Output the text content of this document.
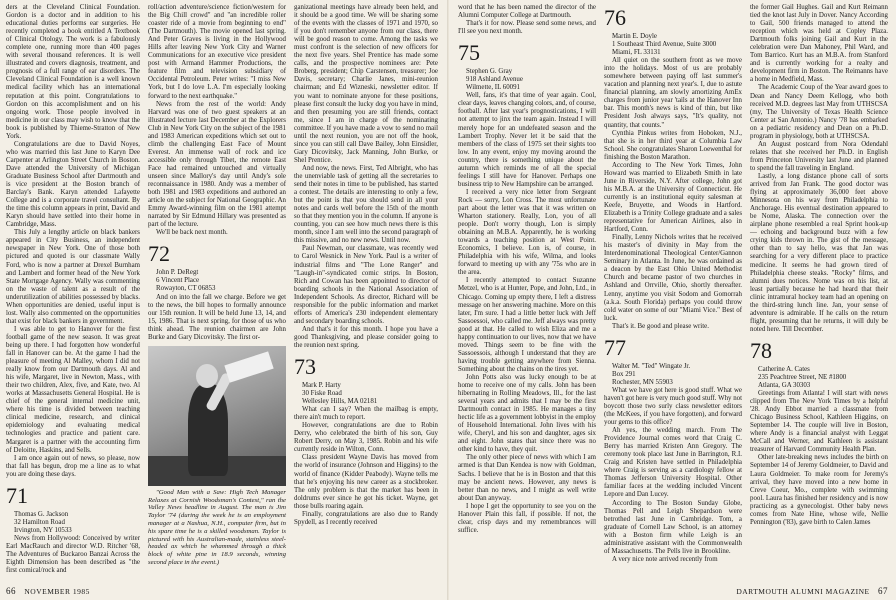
ders at the Cleveland Clinical Foundation. Gordon is a doctor and in addition to his educational duties performs ear surgeries. He recently completed a book entitled A Textbook of Clinical Otology. The work is a fabulously complete one, running more than 400 pages with several thousand references. It is well illustrated and covers diagnosis, treatment, and prognosis of a full range of ear disorders. The Cleveland Clinical Foundation is a well known medical facility which has an international reputation at this point. Congratulations to Gordon on this accomplishment and on his ongoing work. Those people involved in medicine in our class may wish to know that the book is published by Thieme-Stratton of New York.

Congratulations are due to David Noyes, who was married this last June to Karyn Dee Carpenter at Arlington Street Church in Boston. Dave attended the University of Michigan Graduate Business School after Dartmouth and is vice president at the Boston branch of Barclay's Bank. Karyn attended Lafayette College and is a corporate travel consultant. By the time this column appears in print, David and Karyn should have settled into their home in Cambridge, Mass.

This July a lengthy article on black bankers appeared in City Business, an independent newspaper in New York. One of those both pictured and quoted is our classmate Wally Ford, who is now a partner at Drexel Burnham and Lambert and former head of the New York State Mortgage Agency. Wally was commenting on the waste of talent as a result of the underutilization of abilities possessed by blacks. When opportunities are denied, useful input is lost. Wally also commented on the opportunities that exist for black bankers in government.

I was able to get to Hanover for the first football game of the new season. It was great being up there. I had forgotten how wonderful fall in Hanover can be. At the game I had the pleasure of meeting Al Malley, whom I did not really know from our Dartmouth days. Al and his wife, Margaret, live in Newton, Mass., with their two children, Alex, five, and Kate, two. Al works at Massachusetts General Hospital. He is chief of the general internal medicine unit, where his time is divided between teaching clinical medicine, research, and clinical epidemiology and evaluating medical technologies and practice and patient care. Margaret is a partner with the accounting firm of Deloitte, Haskins, and Sells.

I am once again out of news, so please, now that fall has begun, drop me a line as to what you are doing these days.

71

Thomas G. Jackson
32 Hamilton Road
Irvington, NY 10533

News from Hollywood: Conceived by writer Earl MacRauch and director W.D. Ritcher '68, The Adventures of Buckaroo Banzai Across the Eighth Dimension has been described as "the first comical/rock and

roll/action adventure/science fiction/western for the Big Chill crowd" and "an incredible roller coaster ride of a movie from beginning to end" (The Dartmouth). The movie opened last spring. And Peter Graves is living in the Hollywood Hills after leaving New York City and Warner Communications for an executive vice president post with Armand Hammer Productions, the feature film and television subsidiary of Occidental Petroleum. Peter writes: "I miss New York, but I do love L.A. I'm especially looking forward to the next earthquake."

News from the rest of the world: Andy Harvard was one of two guest speakers at an illustrated lecture last December at the Explorers Club in New York City on the subject of the 1981 and 1983 American expeditions which set out to climb the challenging East Face of Mount Everest. An immense wall of rock and ice accessible only through Tibet, the remote East Face had remained untouched and virtually unseen since Mallory's day until Andy's sole reconnaissance in 1980. Andy was a member of both 1981 and 1983 expeditions and authored an article on the subject for National Geographic. An Emmy Award-winning film on the 1981 attempt narrated by Sir Edmund Hillary was presented as part of the lecture.

We'll be back next month.

72

John P. DeRegt
6 Vincent Place
Rowayton, CT 06853

And on into the fall we charge. Before we get to the news, the bill hopes to formally announce our 15th reunion. It will be held June 13, 14, and 15, 1986. That is next spring, for those of us who think ahead. The reunion chairmen are John Burke and Gary Dicovitsky. The first or-

"Good Man with a Saw: High Tech Manager Relaxes at Cornish Woodsman's Contest," ran the Valley News headline in August. The man is Jim Taylor '74 (during the week he is an employment manager at a Nashua, N.H., computer firm, but in his spare time he is a skilled woodsman. Taylor is pictured with his Australian-made, stainless steel-headed ax which he whammed through a thick block of white pine in 18.9 seconds, winning second place in the event.)

ganizational meetings have already been held, and it should be a good time. We will be sharing some of the events with the classes of 1971 and 1970, so if you don't remember anyone from our class, there will be good reason to come. Among the tasks we must confront is the selection of new officers for the next five years. Shel Prentice has made some calls, and the prospective nominees are: Pete Broberg, president; Chip Carstensen, treasurer; Joe Davis, secretary; Charlie Janes, mini-reunion chairman; and Ed Wizneski, newsletter editor. If you want to nominate anyone for these positions, please first consult the lucky dog you have in mind, and then presuming you are still friends, contact me, since I am in charge of the nominating committee. If you have made a vow to send no mail until the next reunion, you are not off the hook, since you can still call Dave Bailey, John Einsidler, Gary Dicovitsky, Jack Manning, John Burke, or Shel Prentice.

And now, the news. First, Ted Albright, who has the unenviable task of getting all the secretaries to send their notes in time to be published, has started a contest. The details are interesting to only a few, but the point is that you should send in all your notes and cards well before the 15th of the month so that they mention you in the column. If anyone is counting, you can see how much news there is this month, since I am well into the second paragraph of this missive, and no new news. Until now.

Paul Newman, our classmate, was recently wed to Carol Wesnick in New York. Paul is a writer of industrial films and "The Lone Ranger" and "Laugh-in"-syndicated comic strips. In Boston, Rich and Cowan has been appointed to director of boarding schools in the National Association of Independent Schools. As director, Richard will be responsible for the public information and market efforts of America's 230 independent elementary and secondary boarding schools.

And that's it for this month. I hope you have a good Thanksgiving, and please consider going to the reunion next spring.

73

Mark P. Harty
30 Fiske Road
Wellesley Hills, MA 02181

What can I say? When the mailbag is empty, there ain't much to report.

However, congratulations are due to Robin Derry, who celebrated the birth of his son, Guy Robert Derry, on May 3, 1985. Robin and his wife currently reside in Wilton, Conn.

Class president Wayne Davis has moved from the world of insurance (Johnson and Higgins) to the world of finance (Kidder Peabody). Wayne tells me that he's enjoying his new career as a stockbroker. The only problem is that the market has been in doldrums ever since he got his ticket. Wayne, get those bulls roaring again.

Finally, congratulations are also due to Randy Spydell, as I recently received

word that he has been named the director of the Alumni Computer College at Dartmouth.

That's it for now. Please send some news, and I'll see you next month.

75

Stephen G. Gray
918 Ashland Avenue
Wilmette, IL 60091

Well, fans, it's that time of year again. Cool, clear days, leaves changing colors, and, of course, football. After last year's prognostications, I will not attempt to jinx the team again. Instead I will merely hope for an undefeated season and the Lambert Trophy. Never let it be said that the members of the class of 1975 set their sights too low. In any event, enjoy my moving around the country, there is something unique about the autumn which reminds me of all the special feelings I still have for Hanover. Perhaps one business trip to New Hampshire can be arranged.

I received a very nice letter from Sergeant Rock — sorry, Lon Cross. The most unfortunate part about the letter was that it was written on Wharton stationery. Really, Lon, you of all people. Don't worry though, Lon is simply obtaining an M.B.A. Apparently, he is working towards a teaching position at West Point. Economics, I believe. Lon is, of course, in Philadelphia with his wife, Wilma, and looks forward to meeting up with any '75s who are in the area.

I recently attempted to contact Suzanne Metzel, who is at Hunter, Pope, and John, Ltd., in Chicago. Coming up empty there, I left a distress message on her answering machine. More on this later, I'm sure. I had a little better luck with Jeff Sassoessoi, who called me. Jeff always was pretty good at that. He called to wish Eliza and me a happy continuation to our lives, now that we have moved. Things seem to be fine with the Sassoessois, although I understand that they are having trouble getting anywhere from Sienna. Something about the chains on the tires yet.

John Potts also was lucky enough to be at home to receive one of my calls. John has been hibernating in Rolling Meadows, Ill., for the last several years and admits that I may be the first Dartmouth contact in 1985. He manages a tiny hectic life as a government lobbyist in the employ of Household International. John lives with his wife, Cheryl, and his son and daughter, ages six and eight. John states that since there was no other kind to have, they quit.

The only other piece of news with which I am armed is that Dan Kendea is now with Goldman, Sachs. I believe that he is in Boston and that this may be ancient news. However, any news is better than no news, and I might as well write about Dan anyway.

I hope I get the opportunity to see you on the Hanover Plain this fall, if possible. If not, the clear, crisp days and my remembrances will suffice.

76

Martin E. Doyle
1 Southeast Third Avenue, Suite 3000
Miami, FL 33131

All quiet on the southern front as we move into the holidays. Most of us are probably somewhere between paying off last summer's vacation and planning next year's. I, due to astute financial planning, am slowly amortizing AmEx charges from junior year 'tails at the Hanover Inn bar. This month's news is kind of thin, but like President Josh always says, "It's quality, not quantity, that counts."

Cynthia Pinkus writes from Hoboken, N.J., that she is in her third year at Columbia Law School. She congratulates Sharon Loewenthal for finishing the Boston Marathon.

According to The New York Times, John Howard was married to Elizabeth Smith in late June in Riverside, N.Y. After college, John got his M.B.A. at the University of Connecticut. He currently is an institutional equity salesman at Keefe, Bruyette, and Woods in Hartford. Elizabeth is a Trinity College graduate and a sales representative for American Airlines, also in Hartford, Conn.

Finally, Lenny Nichols writes that he received his master's of divinity in May from the Interdenominational Theological Center/Gannon Seminary in Atlanta. In June, he was ordained as a deacon by the East Ohio United Methodist Church and became pastor of two churches in Ashland and Orrville, Ohio, shortly thereafter. Lenny, anytime you visit Sodom and Gomorrah (a.k.a. South Florida) perhaps you could throw cold water on some of our "Miami Vice." Best of luck.

That's it. Be good and please write.

77

Walter M. "Ted" Wingate Jr.
Box 291
Rochester, MN 55903

What we have got here is good stuff. What we haven't got here is very much good stuff. Why not boycott those two surly class newsletter editors (the McKees, if you have forgotten), and forward your gems to this office?

Ah yes, the wedding march. From The Providence Journal comes word that Craig C. Berry has married Kristen Ann Gregory. The ceremony took place last June in Barrington, R.I. Craig and Kristen have settled in Philadelphia where Craig is serving as a cardiology fellow at Thomas Jefferson University Hospital. Other familiar faces at the wedding included Vincent Lepore and Dan Lucey.

According to The Boston Sunday Globe, Thomas Pell and Leigh Shepardson were betrothed last June in Cambridge. Tom, a graduate of Cornell Law School, is an attorney with a Boston firm while Leigh is an administrative assistant with the Commonwealth of Massachusetts. The Pells live in Brookline.

A very nice note arrived recently from

the former Gail Hughes. Gail and Kurt Reimann tied the knot last July in Dover. Nancy According to Gail, 500 friends managed to attend the reception which was held at Copley Plaza. Dartmouth folks joining Gail and Kurt in the celebration were Dan Mahoney, Phil Ward, and Tom Barrico. Kurt has an M.B.A. from Stanford and is currently working for a realty and development firm in Boston. The Reimanns have a home in Medfield, Mass.

The Academic Coup of the Year award goes to Dean and Nancy Deem Kellogg, who both received M.D. degrees last May from UTHSCSA (my, The University of Texas Health Science Center at San Antonio.) Nancy '78 has embarked on a pediatric residency and Dean on a Ph.D. program in physiology, both at UTHSCSA.

An August postcard from Nora Odendahl relates that she received her Ph.D. in English from Princeton University last June and planned to spend the fall traveling in England.

Lastly, a long distance phone call of sorts arrived from Jan Frank. The good doctor was flying at approximately 36,000 feet above Minnesota on his way from Philadelphia to Anchorage. His eventual destination appeared to be Nome, Alaska. The connection over the airplane phone resembled a real Sprint hook-up — echoing and background buzz with a few crying kids thrown in. The gist of the message, other than to say hello, was that Jan was searching for a very different place to practice medicine. It seems he had grown tired of Philadelphia cheese steaks. "Rocky" films, and alumni dues notices. Nome was on his list, at least partially because he had heard that their clinic intramural hockey team had an opening on the third-string lunch line. Jan, your sense of adventure is admirable. If he calls on the return flight, presuming that he returns, it will duly be noted here. Till December.

78

Catherine A. Cates
235 Peachtree Street, NE #1800
Atlanta, GA 30303

Greetings from Atlanta! I will start with news clipped from The New York Times by a helpful '28. Andy Ebbot married a classmate from Chicago Business School, Kathleen Higgins, on September 14. The couple will live in Boston, where Andy is a financial analyst with Leggat McCall and Werner, and Kathleen is assistant treasurer of Harvard Community Health Plan.

Other late-breaking news includes the birth on September 14 of Jeremy Goldmeier, to David and Laura Goldmeier. To make room for Jeremy's arrival, they have moved into a new home in Creve Coeur, Mo., complete with swimming pool. Laura has finished her residency and is now practicing as a gynecologist. Other baby news comes from Nate Hine, whose wife, Nellie Pennington ('83), gave birth to Calen James

66 NOVEMBER 1985	DARTMOUTH ALUMNI MAGAZINE 67
